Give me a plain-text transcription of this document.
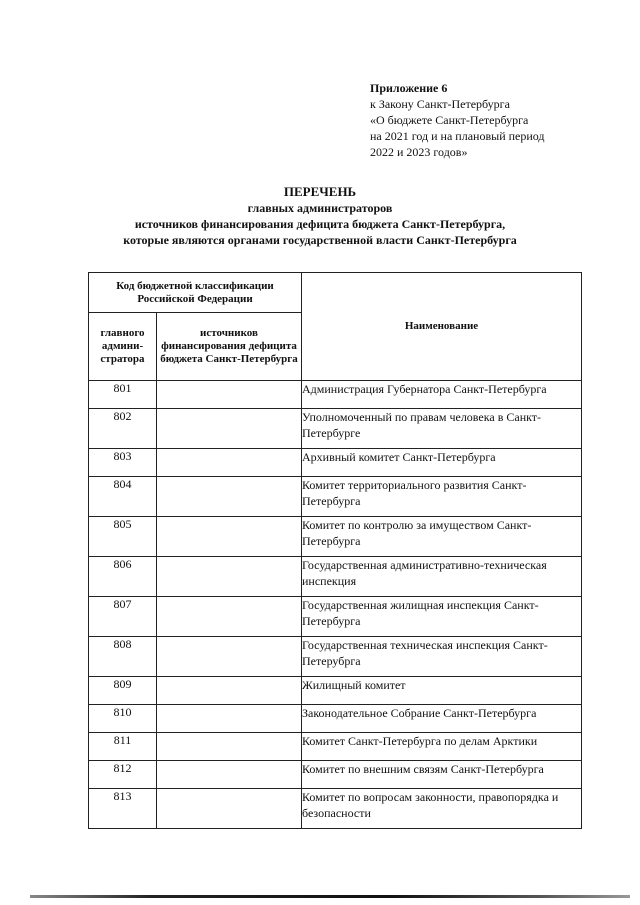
Приложение 6
к Закону Санкт-Петербурга
«О бюджете Санкт-Петербурга
на 2021 год и на плановый период
2022 и 2023 годов»
ПЕРЕЧЕНЬ
главных администраторов
источников финансирования дефицита бюджета Санкт-Петербурга,
которые являются органами государственной власти Санкт-Петербурга
Код бюджетной классификации Российской Федерации		Наименование
главного админи-стратора	источников финансирования дефицита бюджета Санкт-Петербурга	
801		Администрация Губернатора Санкт-Петербурга
802		Уполномоченный по правам человека в Санкт-Петербурге
803		Архивный комитет Санкт-Петербурга
804		Комитет территориального развития Санкт-Петербурга
805		Комитет по контролю за имуществом Санкт-Петербурга
806		Государственная административно-техническая инспекция
807		Государственная жилищная инспекция Санкт-Петербурга
808		Государственная техническая инспекция Санкт-Петерубрга
809		Жилищный комитет
810		Законодательное Собрание Санкт-Петербурга
811		Комитет Санкт-Петербурга по делам Арктики
812		Комитет по внешним связям Санкт-Петербурга
813		Комитет по вопросам законности, правопорядка и безопасности
